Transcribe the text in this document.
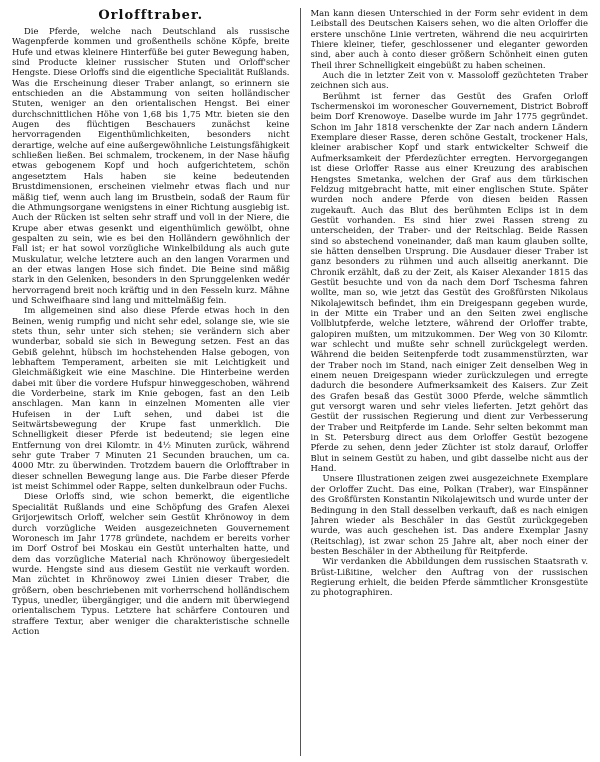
Orlofftraber.

Die Pferde, welche nach Deutschland als russische Wagenpferde kommen und großentheils schöne Köpfe, breite Hufe und etwas kleinere Hinterfüße bei guter Bewegung haben, sind Producte kleiner russischer Stuten und Orloff'scher Hengste. Diese Orloffs sind die eigentliche Specialität Rußlands. Was die Erscheinung dieser Traber anlangt, so erinnern sie entschieden an die Abstammung von seiten holländischer Stuten, weniger an den orientalischen Hengst. Bei einer durchschnittlichen Höhe von 1,68 bis 1,75 Mtr. bieten sie den Augen des flüchtigen Beschauers zunächst keine hervorragenden Eigenthümlichkeiten, besonders nicht derartige, welche auf eine außergewöhnliche Leistungsfähigkeit schließen ließen. Bei schmalem, trockenem, in der Nase häufig etwas gebogenem Kopf und hoch aufgerichtetem, schön angesetztem Hals haben sie keine bedeutenden Brustdimensionen, erscheinen vielmehr etwas flach und nur mäßig tief, wenn auch lang im Brustbein, sodaß der Raum für die Athmungsorgane wenigstens in einer Richtung ausgiebig ist. Auch der Rücken ist selten sehr straff und voll in der Niere, die Krupe aber etwas gesenkt und eigenthümlich gewölbt, ohne gespalten zu sein, wie es bei den Holländern gewöhnlich der Fall ist; er hat sowol vorzügliche Winkelbildung als auch gute Muskulatur, welche letztere auch an den langen Vorarmen und an der etwas langen Hose sich findet. Die Beine sind mäßig stark in den Gelenken, besonders in den Sprunggelenken wedér hervorragend breit noch kräftig und in den Fesseln kurz. Mähne und Schweifhaare sind lang und mittelmäßig fein.

Im allgemeinen sind also diese Pferde etwas hoch in den Beinen, wenig rumpfig und nicht sehr edel, solange sie, wie sie stets thun, sehr unter sich stehen; sie verändern sich aber wunderbar, sobald sie sich in Bewegung setzen. Fest an das Gebiß gelehnt, hübsch im hochstehenden Halse gebogen, von lebhaftem Temperament, arbeiten sie mit Leichtigkeit und Gleichmäßigkeit wie eine Maschine. Die Hinterbeine werden dabei mit über die vordere Hufspur hinweggeschoben, während die Vorderbeine, stark im Knie gebogen, fast an den Leib anschlagen. Man kann in einzelnen Momenten alle vier Hufeisen in der Luft sehen, und dabei ist die Seitwärtsbewegung der Krupe fast unmerklich. Die Schnelligkeit dieser Pferde ist bedeutend; sie legen eine Entfernung von drei Kilomtr. in 4½ Minuten zurück, während sehr gute Traber 7 Minuten 21 Secunden brauchen, um ca. 4000 Mtr. zu überwinden. Trotzdem bauern die Orlofftraber in dieser schnellen Bewegung lange aus. Die Farbe dieser Pferde ist meist Schimmel oder Rappe, selten dunkelbraun oder Fuchs.

Diese Orloffs sind, wie schon bemerkt, die eigentliche Specialität Rußlands und eine Schöpfung des Grafen Alexei Grijorjewitsch Orloff, welcher sein Gestüt Khrönowoy in dem durch vorzügliche Weiden ausgezeichneten Gouvernement Woronesch im Jahr 1778 gründete, nachdem er bereits vorher im Dorf Ostrof bei Moskau ein Gestüt unterhalten hatte, und dem das vorzügliche Material nach Khrönowoy übergesiedelt wurde. Hengste sind aus diesem Gestüt nie verkauft worden. Man züchtet in Khrönowoy zwei Linien dieser Traber, die größern, oben beschriebenen mit vorherrschend holländischem Typus, unedler, übergängiger, und die andern mit überwiegend orientalischem Typus. Letztere hat schärfere Contouren und straffere Textur, aber weniger die charakteristische schnelle Action

Man kann diesen Unterschied in der Form sehr evident in dem Leibstall des Deutschen Kaisers sehen, wo die alten Orloffer die erstere unschöne Linie vertreten, während die neu acquirirten Thiere kleiner, tiefer, geschlossener und eleganter geworden sind, aber auch à conto dieser größern Schönheit einen guten Theil ihrer Schnelligkeit eingebüßt zu haben scheinen.

Auch die in letzter Zeit von v. Massoloff gezüchteten Traber zeichnen sich aus.

Berühmt ist ferner das Gestüt des Grafen Orloff Tschermenskoi im woronescher Gouvernement, District Bobroff beim Dorf Krenowoye. Daselbe wurde im Jahr 1775 gegründet. Schon im Jahr 1818 verschenkte der Zar nach andern Ländern Exemplare dieser Rasse, deren schöne Gestalt, trockener Hals, kleiner arabischer Kopf und stark entwickelter Schweif die Aufmerksamkeit der Pferdezüchter erregten. Hervorgegangen ist diese Orloffer Rasse aus einer Kreuzung des arabischen Hengstes Smetanka, welchen der Graf aus dem türkischen Feldzug mitgebracht hatte, mit einer englischen Stute. Später wurden noch andere Pferde von diesen beiden Rassen zugekauft. Auch das Blut des berühmten Eclips ist in dem Gestüt vorhanden. Es sind hier zwei Rassen streng zu unterscheiden, der Traber- und der Reitschlag. Beide Rassen sind so abstechend voneinander, daß man kaum glauben sollte, sie hätten denselben Ursprung. Die Ausdauer dieser Traber ist ganz besonders zu rühmen und auch allseitig anerkannt. Die Chronik erzählt, daß zu der Zeit, als Kaiser Alexander 1815 das Gestüt besuchte und von da nach dem Dorf Tschesma fahren wollte, man so, wie jetzt das Gestüt des Großfürsten Nikolaus Nikolajewitsch befindet, ihm ein Dreigespann gegeben wurde, in der Mitte ein Traber und an den Seiten zwei englische Vollblutpferde, welche letztere, während der Orloffer trabte, galopiren mußten, um mitzukommen. Der Weg von 30 Kilomtr. war schlecht und mußte sehr schnell zurückgelegt werden. Während die beiden Seitenpferde todt zusammenstürzten, war der Traber noch im Stand, nach einiger Zeit denselben Weg in einem neuen Dreigespann wieder zurückzulegen und erregte dadurch die besondere Aufmerksamkeit des Kaisers. Zur Zeit des Grafen besaß das Gestüt 3000 Pferde, welche sämmtlich gut versorgt waren und sehr vieles lieferten. Jetzt gehört das Gestüt der russischen Regierung und dient zur Verbesserung der Traber und Reitpferde im Lande. Sehr selten bekommt man in St. Petersburg direct aus dem Orloffer Gestüt bezogene Pferde zu sehen, denn jeder Züchter ist stolz darauf, Orloffer Blut in seinem Gestüt zu haben, und gibt dasselbe nicht aus der Hand.

Unsere Illustrationen zeigen zwei ausgezeichnete Exemplare der Orloffer Zucht. Das eine, Polkan (Traber), war Einspänner des Großfürsten Konstantin Nikolajewitsch und wurde unter der Bedingung in den Stall desselben verkauft, daß es nach einigen Jahren wieder als Beschäler in das Gestüt zurückgegeben wurde, was auch geschehen ist. Das andere Exemplar Jasny (Reitschlag), ist zwar schon 25 Jahre alt, aber noch einer der besten Beschäler in der Abtheilung für Reitpferde.

Wir verdanken die Abbildungen dem russischen Staatsrath v. Brüst-Lißitine, welcher den Auftrag von der russischen Regierung erhielt, die beiden Pferde sämmtlicher Kronsgestüte zu photographiren.
